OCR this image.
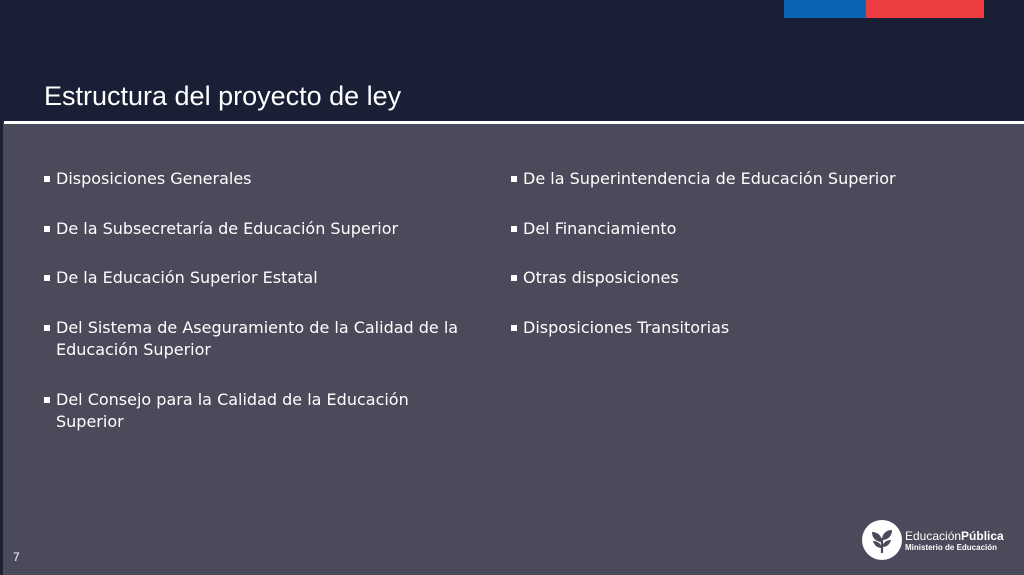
Estructura del proyecto de ley
Disposiciones Generales
De la Subsecretaría de Educación Superior
De la Educación Superior Estatal
Del Sistema de Aseguramiento de la Calidad de la Educación Superior
Del Consejo para la Calidad de la Educación Superior
De la Superintendencia de Educación Superior
Del Financiamiento
Otras disposiciones
Disposiciones Transitorias
7
EducaciónPública
Ministerio de Educación
